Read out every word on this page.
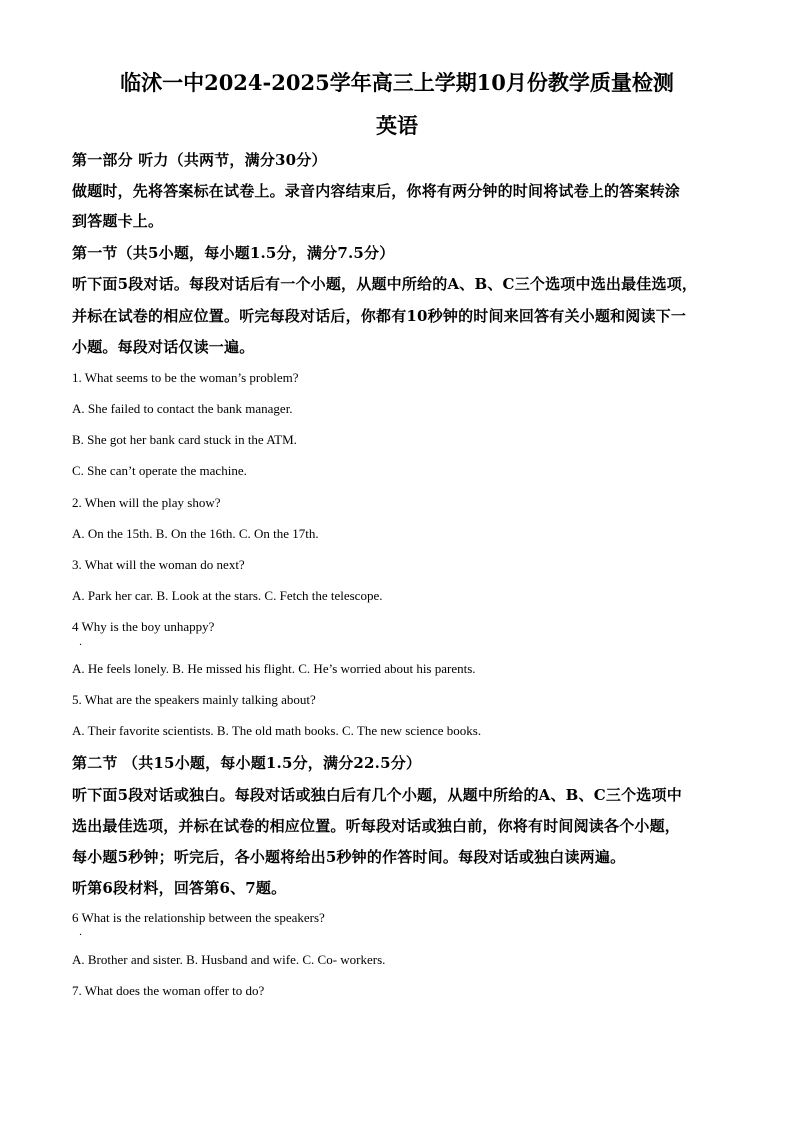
临沭一中2024-2025学年高三上学期10月份教学质量检测
英语
第一部分 听力（共两节，满分30分）
做题时，先将答案标在试卷上。录音内容结束后，你将有两分钟的时间将试卷上的答案转涂
到答题卡上。
第一节（共5小题，每小题1.5分，满分7.5分）
听下面5段对话。每段对话后有一个小题，从题中所给的A、B、C三个选项中选出最佳选项，
并标在试卷的相应位置。听完每段对话后，你都有10秒钟的时间来回答有关小题和阅读下一
小题。每段对话仅读一遍。
1. What seems to be the woman’s problem?
A. She failed to contact the bank manager.
B. She got her bank card stuck in the ATM.
C. She can’t operate the machine.
2. When will the play show?
A. On the 15th. B. On the 16th. C. On the 17th.
3. What will the woman do next?
A. Park her car. B. Look at the stars. C. Fetch the telescope.
4 Why is the boy unhappy?
．
A. He feels lonely. B. He missed his flight. C. He’s worried about his parents.
5. What are the speakers mainly talking about?
A. Their favorite scientists. B. The old math books. C. The new science books.
第二节 （共15小题，每小题1.5分，满分22.5分）
听下面5段对话或独白。每段对话或独白后有几个小题，从题中所给的A、B、C三个选项中
选出最佳选项，并标在试卷的相应位置。听每段对话或独白前，你将有时间阅读各个小题，
每小题5秒钟；听完后，各小题将给出5秒钟的作答时间。每段对话或独白读两遍。
听第6段材料，回答第6、7题。
6 What is the relationship between the speakers?
．
A. Brother and sister. B. Husband and wife. C. Co- workers.
7. What does the woman offer to do?
